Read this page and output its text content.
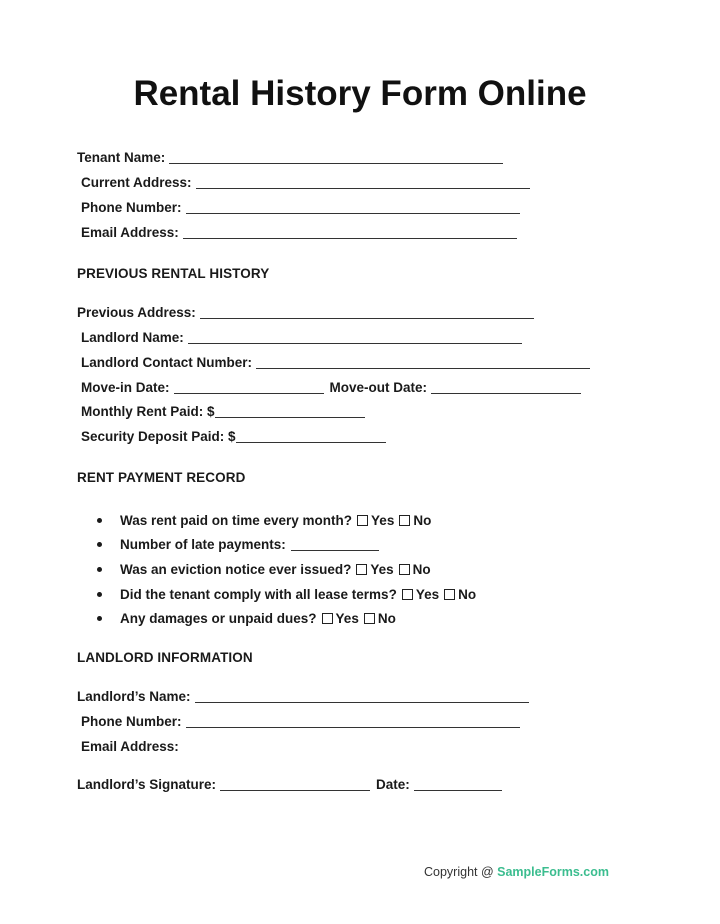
Rental History Form Online
Tenant Name:
Current Address:
Phone Number:
Email Address:
PREVIOUS RENTAL HISTORY
Previous Address:
Landlord Name:
Landlord Contact Number:
Move-in Date:	Move-out Date:
Monthly Rent Paid: $
Security Deposit Paid: $
RENT PAYMENT RECORD
Was rent paid on time every month? Yes No
Number of late payments:
Was an eviction notice ever issued? Yes No
Did the tenant comply with all lease terms? Yes No
Any damages or unpaid dues? Yes No
LANDLORD INFORMATION
Landlord’s Name:
Phone Number:
Email Address:
Landlord’s Signature:	Date:
Copyright @ SampleForms.com
